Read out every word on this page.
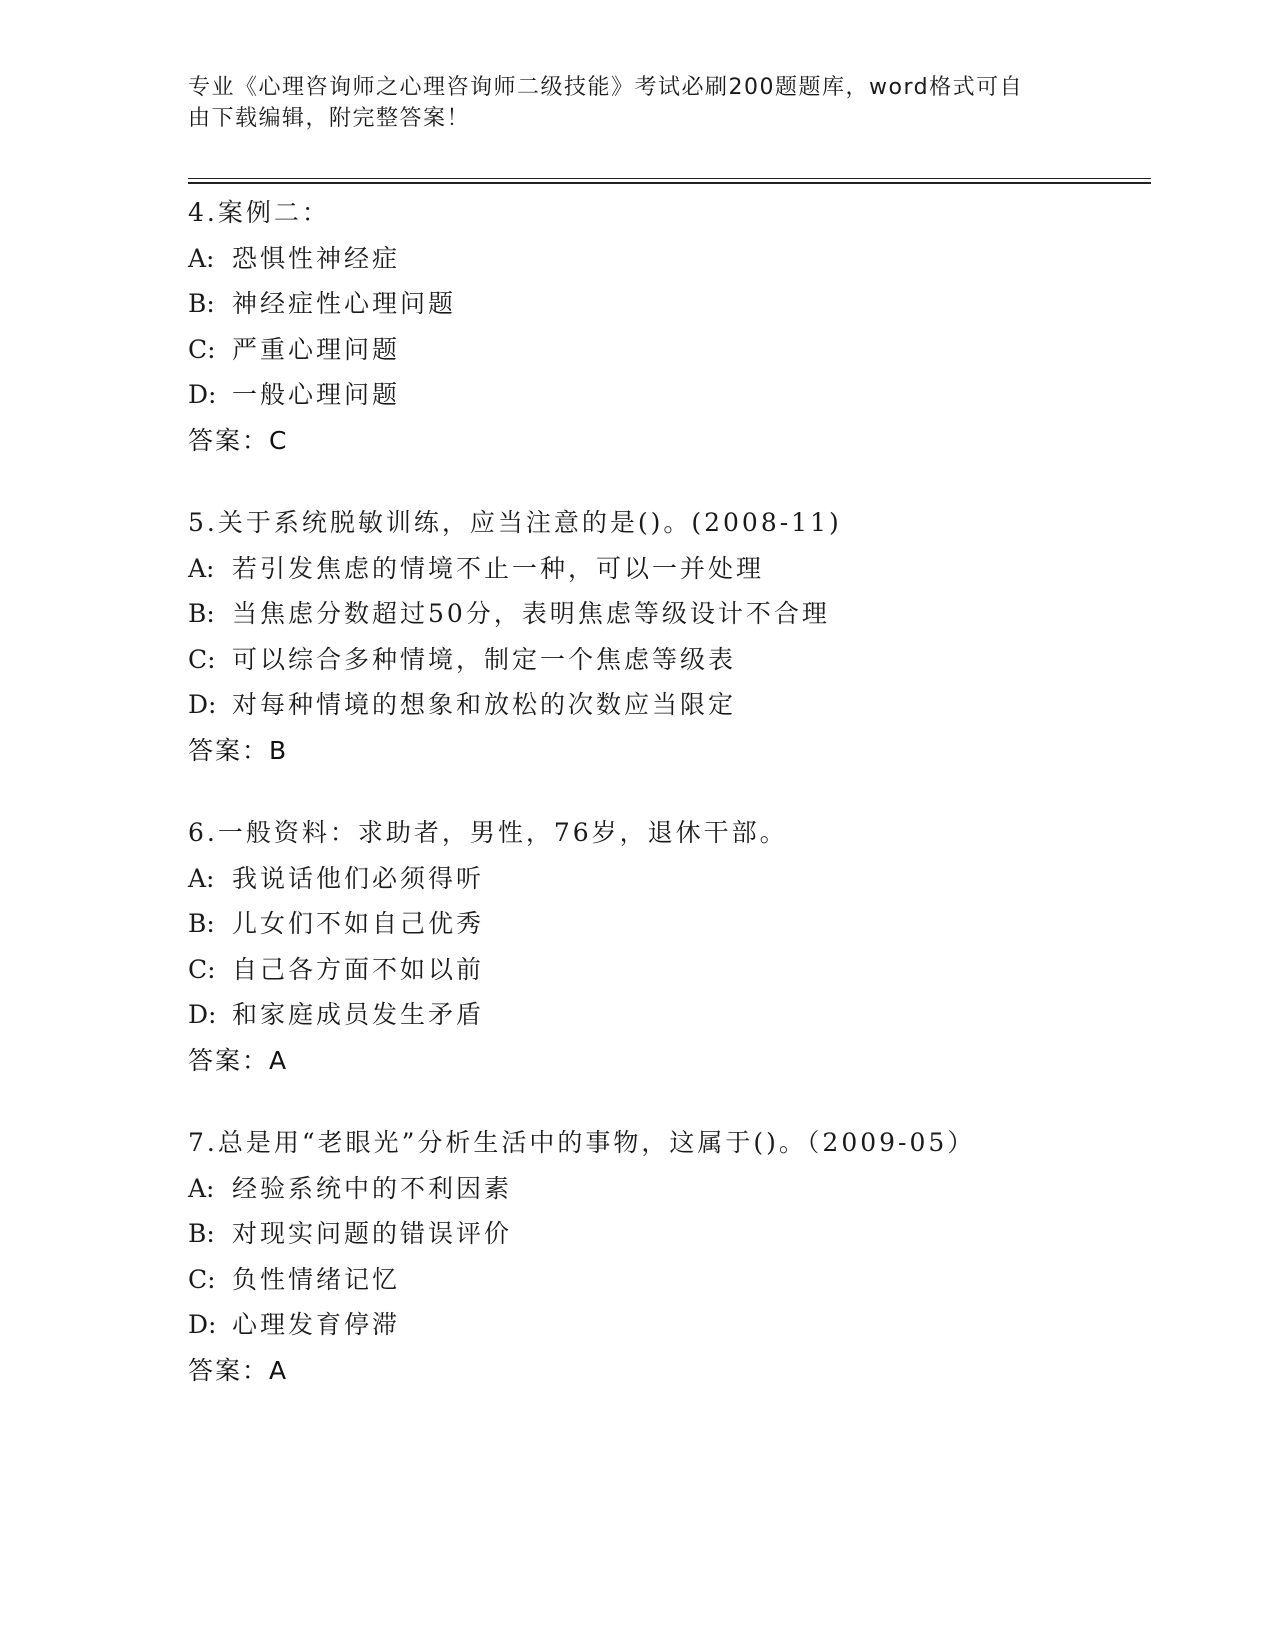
专业《心理咨询师之心理咨询师二级技能》考试必刷200题题库，word格式可自
由下载编辑，附完整答案！
4.案例二：
A: 恐惧性神经症
B: 神经症性心理问题
C: 严重心理问题
D: 一般心理问题
答案：C
5.关于系统脱敏训练，应当注意的是()。(2008-11)
A: 若引发焦虑的情境不止一种，可以一并处理
B: 当焦虑分数超过50分，表明焦虑等级设计不合理
C: 可以综合多种情境，制定一个焦虑等级表
D: 对每种情境的想象和放松的次数应当限定
答案：B
6.一般资料：求助者，男性，76岁，退休干部。
A: 我说话他们必须得听
B: 儿女们不如自己优秀
C: 自己各方面不如以前
D: 和家庭成员发生矛盾
答案：A
7.总是用“老眼光”分析生活中的事物，这属于()。（2009-05）
A: 经验系统中的不利因素
B: 对现实问题的错误评价
C: 负性情绪记忆
D: 心理发育停滞
答案：A
